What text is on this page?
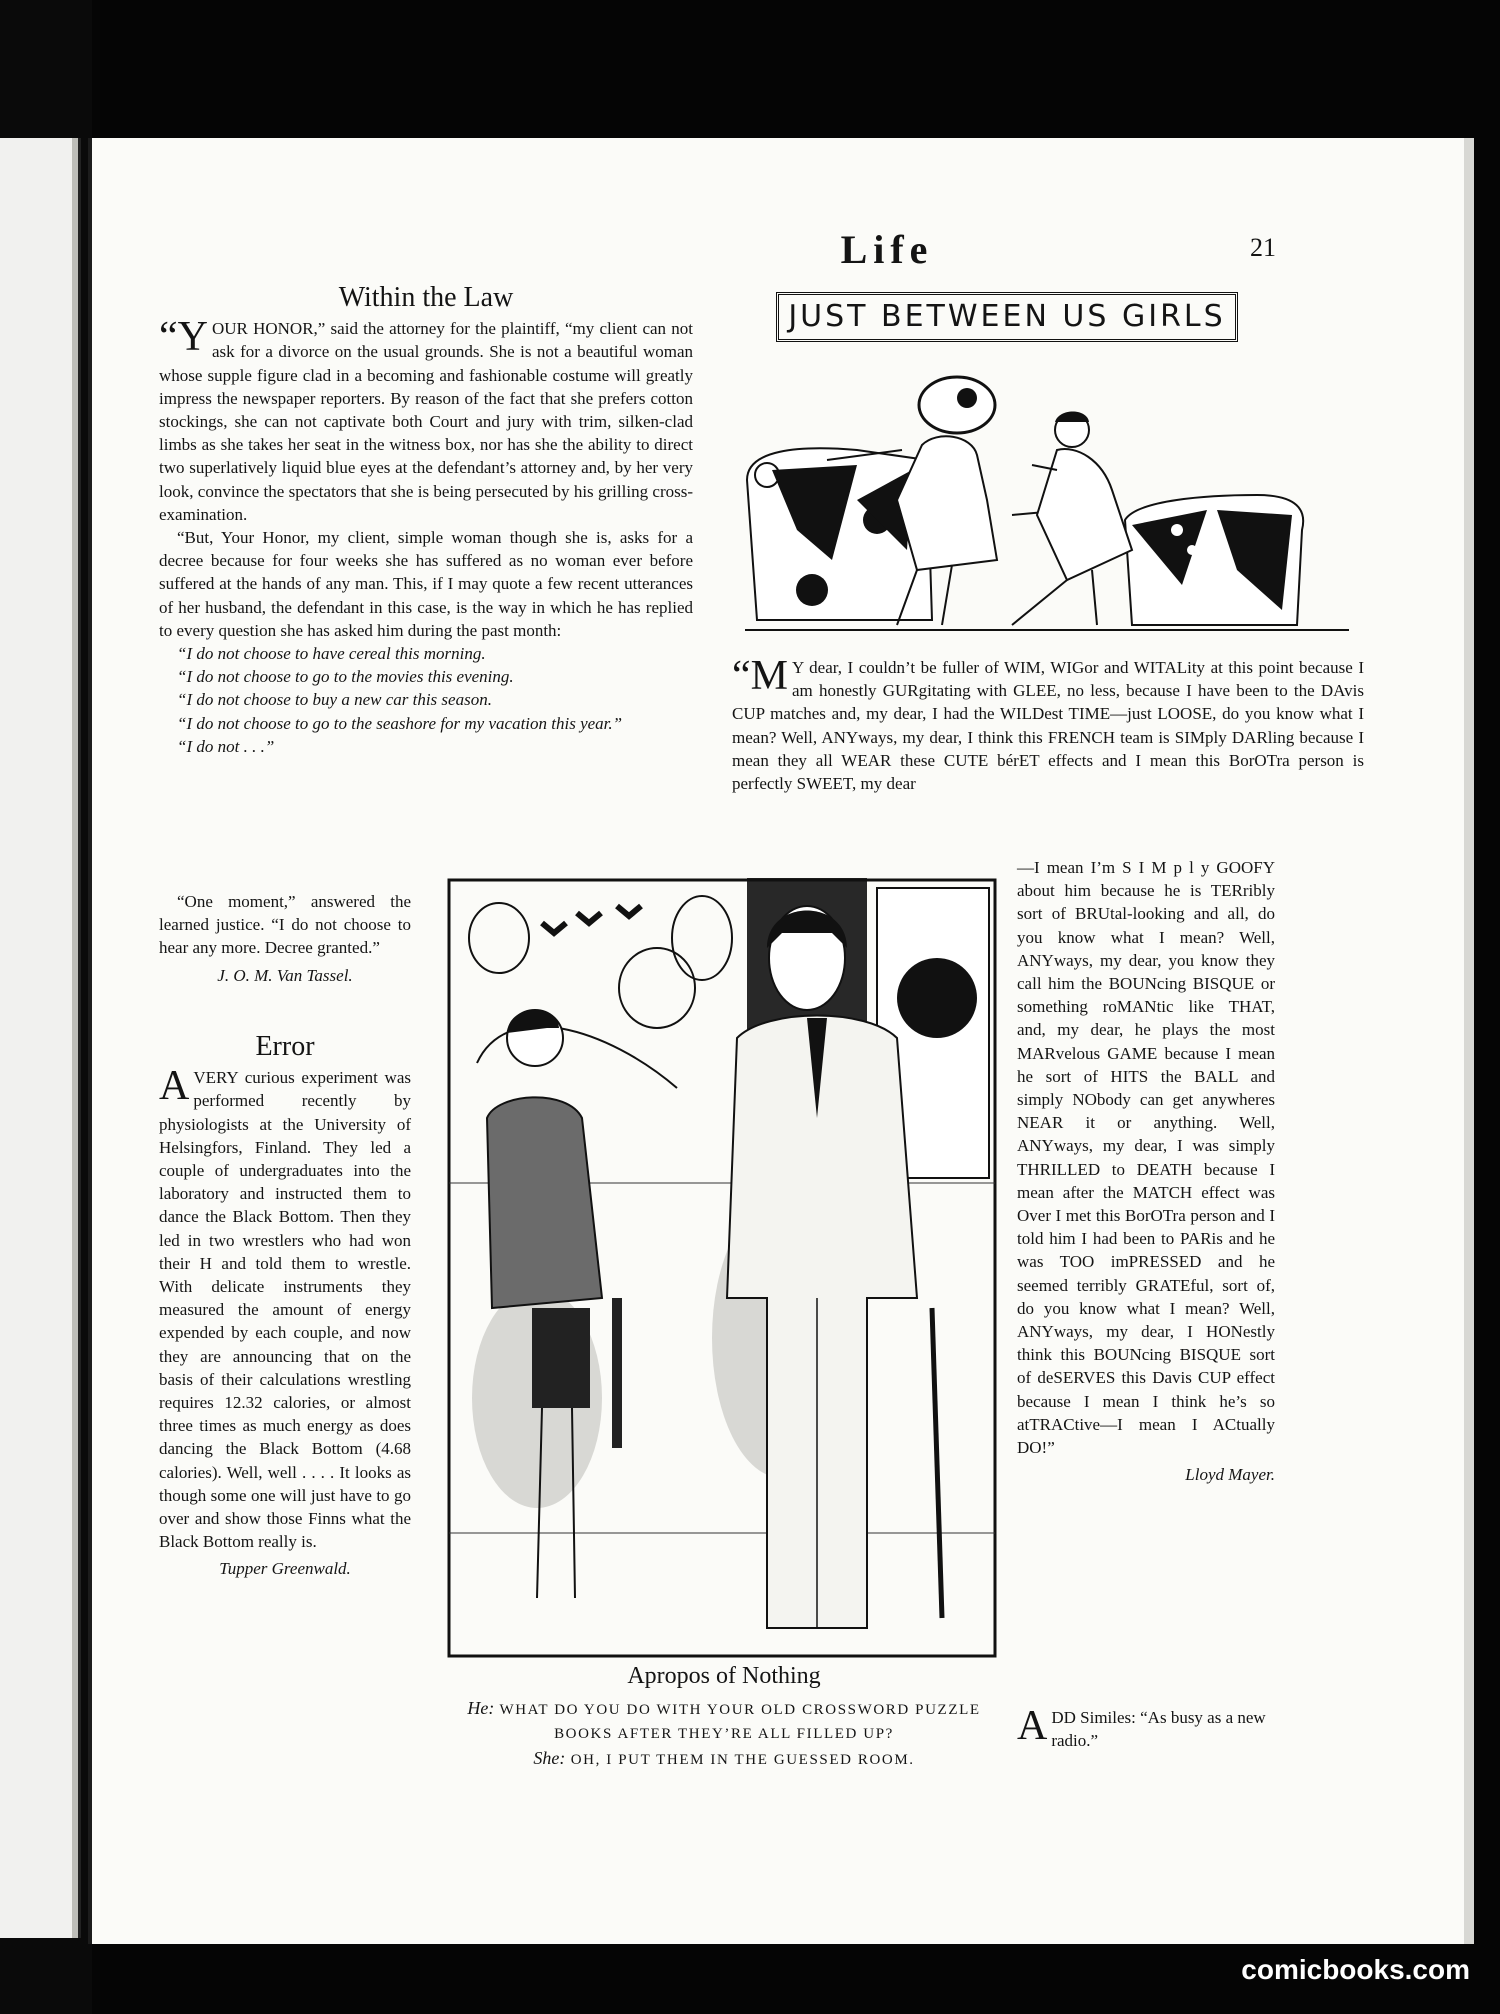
Life	21
Within the Law

“YOUR HONOR,” said the attorney for the plaintiff, “my client can not ask for a divorce on the usual grounds. She is not a beautiful woman whose supple figure clad in a becoming and fashionable costume will greatly impress the newspaper reporters. By reason of the fact that she prefers cotton stockings, she can not captivate both Court and jury with trim, silken-clad limbs as she takes her seat in the witness box, nor has she the ability to direct two superlatively liquid blue eyes at the defendant’s attorney and, by her very look, convince the spectators that she is being persecuted by his grilling cross-examination.

“But, Your Honor, my client, simple woman though she is, asks for a decree because for four weeks she has suffered as no woman ever before suffered at the hands of any man. This, if I may quote a few recent utterances of her husband, the defendant in this case, is the way in which he has replied to every question she has asked him during the past month:

“I do not choose to have cereal this morning.

“I do not choose to go to the movies this evening.

“I do not choose to buy a new car this season.

“I do not choose to go to the seashore for my vacation this year.”

“I do not . . .”

“One moment,” answered the learned justice. “I do not choose to hear any more. Decree granted.”

J. O. M. Van Tassel.
Error

AVERY curious experiment was performed recently by physiologists at the University of Helsingfors, Finland. They led a couple of undergraduates into the laboratory and instructed them to dance the Black Bottom. Then they led in two wrestlers who had won their H and told them to wrestle. With delicate instruments they measured the amount of energy expended by each couple, and now they are announcing that on the basis of their calculations wrestling requires 12.32 calories, or almost three times as much energy as does dancing the Black Bottom (4.68 calories). Well, well . . . . It looks as though some one will just have to go over and show those Finns what the Black Bottom really is.

Tupper Greenwald.
JUST BETWEEN US GIRLS

“M Y dear, I couldn’t be fuller of WIM, WIGor and WITALity at this point because I am honestly GURgitating with GLEE, no less, because I have been to the DAvis CUP matches and, my dear, I had the WILDest TIME—just LOOSE, do you know what I mean? Well, ANYways, my dear, I think this FRENCH team is SIMply DARling because I mean they all WEAR these CUTE bérET effects and I mean this BorOTra person is perfectly SWEET, my dear

—I mean I’m S I M p l y GOOFY about him because he is TERribly sort of BRUtal-looking and all, do you know what I mean? Well, ANYways, my dear, you know they call him the BOUNcing BISQUE or something roMANtic like THAT, and, my dear, he plays the most MARvelous GAME because I mean he sort of HITS the BALL and simply NObody can get anywheres NEAR it or anything. Well, ANYways, my dear, I was simply THRILLED to DEATH because I mean after the MATCH effect was Over I met this BorOTra person and I told him I had been to PARis and he was TOO imPRESSED and he seemed terribly GRATEful, sort of, do you know what I mean? Well, ANYways, my dear, I HONestly think this BOUNcing BISQUE sort of deSERVES this Davis CUP effect because I mean I think he’s so atTRACtive—I mean I ACtually DO!”

Lloyd Mayer.
Apropos of Nothing
He: WHAT DO YOU DO WITH YOUR OLD CROSSWORD PUZZLE BOOKS AFTER THEY’RE ALL FILLED UP?
She: OH, I PUT THEM IN THE GUESSED ROOM.
ADD Similes: “As busy as a new radio.”
comicbooks.com
